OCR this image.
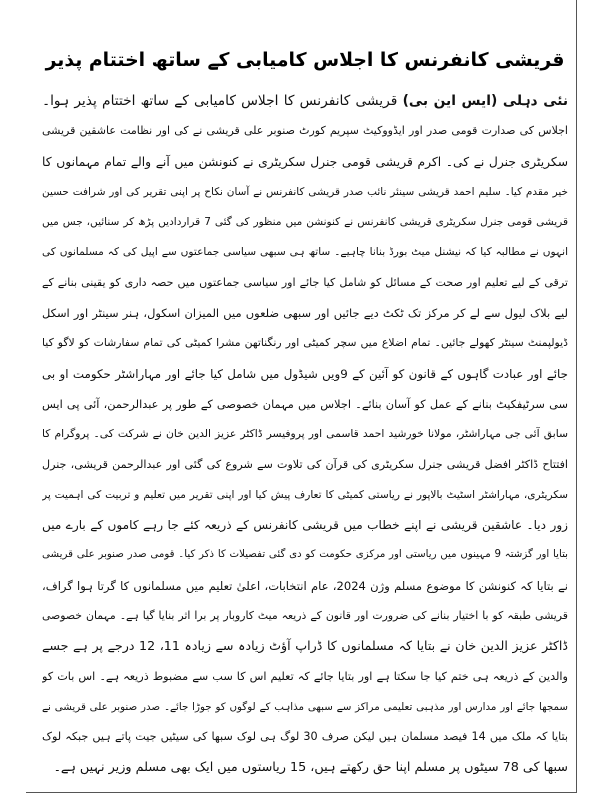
قریشی کانفرنس کا اجلاس کامیابی کے ساتھ اختتام پذیر
نئی دہلی (ایس این بی) قریشی کانفرنس کا اجلاس کامیابی کے ساتھ اختتام پذیر ہوا۔
اجلاس کی صدارت قومی صدر اور ایڈووکیٹ سپریم کورٹ صنوبر علی قریشی نے کی اور نظامت عاشقین قریشی
سکریٹری جنرل نے کی۔ اکرم قریشی قومی جنرل سکریٹری نے کنونشن میں آنے والے تمام مہمانوں کا
خیر مقدم کیا۔ سلیم احمد قریشی سینئر نائب صدر قریشی کانفرنس نے آسان نکاح پر اپنی تقریر کی اور شرافت حسین
قریشی قومی جنرل سکریٹری قریشی کانفرنس نے کنونشن میں منظور کی گئی 7 قراردادیں پڑھ کر سنائیں، جس میں
انہوں نے مطالبہ کیا کہ نیشنل میٹ بورڈ بنانا چاہیے۔ ساتھ ہی سبھی سیاسی جماعتوں سے اپیل کی کہ مسلمانوں کی
ترقی کے لیے تعلیم اور صحت کے مسائل کو شامل کیا جائے اور سیاسی جماعتوں میں حصہ داری کو یقینی بنانے کے
لیے بلاک لیول سے لے کر مرکز تک ٹکٹ دیے جائیں اور سبھی ضلعوں میں المیزان اسکول، ہنر سینٹر اور اسکل
ڈیولپمنٹ سینٹر کھولے جائیں۔ تمام اضلاع میں سچر کمیٹی اور رنگناتھن مشرا کمیٹی کی تمام سفارشات کو لاگو کیا
جائے اور عبادت گاہوں کے قانون کو آئین کے 9ویں شیڈول میں شامل کیا جائے اور مہاراشٹر حکومت او بی
سی سرٹیفکیٹ بنانے کے عمل کو آسان بنائے۔ اجلاس میں مہمان خصوصی کے طور پر عبدالرحمن، آئی پی ایس
سابق آئی جی مہاراشٹر، مولانا خورشید احمد قاسمی اور پروفیسر ڈاکٹر عزیز الدین خان نے شرکت کی۔ پروگرام کا
افتتاح ڈاکٹر افضل قریشی جنرل سکریٹری کی قرآن کی تلاوت سے شروع کی گئی اور عبدالرحمن قریشی، جنرل
سکریٹری، مہاراشٹر اسٹیٹ بالاپور نے ریاستی کمیٹی کا تعارف پیش کیا اور اپنی تقریر میں تعلیم و تربیت کی اہمیت پر
زور دیا۔ عاشقین قریشی نے اپنے خطاب میں قریشی کانفرنس کے ذریعہ کئے جا رہے کاموں کے بارے میں
بتایا اور گزشتہ 9 مہینوں میں ریاستی اور مرکزی حکومت کو دی گئی تفصیلات کا ذکر کیا۔ قومی صدر صنوبر علی قریشی
نے بتایا کہ کنونشن کا موضوع مسلم وژن 2024، عام انتخابات، اعلیٰ تعلیم میں مسلمانوں کا گرتا ہوا گراف،
قریشی طبقہ کو با اختیار بنانے کی ضرورت اور قانون کے ذریعہ میٹ کاروبار پر برا اثر بنایا گیا ہے۔ مہمان خصوصی
ڈاکٹر عزیز الدین خان نے بتایا کہ مسلمانوں کا ڈراپ آؤٹ زیادہ سے زیادہ 11، 12 درجے پر ہے جسے
والدین کے ذریعہ ہی ختم کیا جا سکتا ہے اور بتایا جائے کہ تعلیم اس کا سب سے مضبوط ذریعہ ہے۔ اس بات کو
سمجھا جائے اور مدارس اور مذہبی تعلیمی مراکز سے سبھی مذاہب کے لوگوں کو جوڑا جائے۔ صدر صنوبر علی قریشی نے
بتایا کہ ملک میں 14 فیصد مسلمان ہیں لیکن صرف 30 لوگ ہی لوک سبھا کی سیٹیں جیت پاتے ہیں جبکہ لوک
سبھا کی 78 سیٹوں پر مسلم اپنا حق رکھتے ہیں، 15 ریاستوں میں ایک بھی مسلم وزیر نہیں ہے۔
